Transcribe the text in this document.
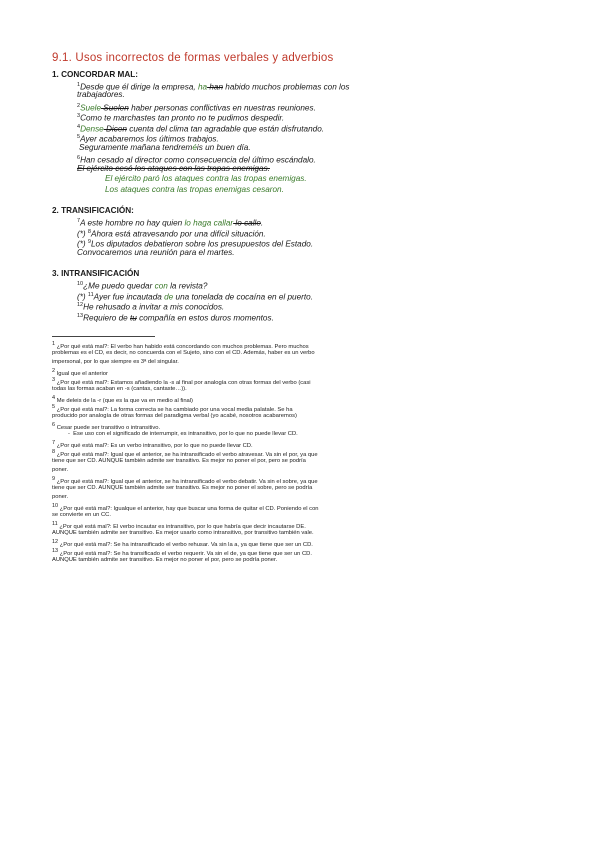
9.1. Usos incorrectos de formas verbales y adverbios
1. CONCORDAR MAL:
$^1$Desde que él dirige la empresa, ha han habido muchos problemas con los
trabajadores.
$^2$Suele Suelen haber personas conflictivas en nuestras reuniones.
$^3$Como te marchastes tan pronto no te pudimos despedir.
$^4$Dense Dicen cuenta del clima tan agradable que están disfrutando.
$^5$Ayer acabaremos los últimos trabajos.
Seguramente mañana tendreméis un buen día.
$^6$Han cesado al director como consecuencia del último escándalo.
El ejército cesó los ataques con las tropas enemigas.
El ejército paró los ataques contra las tropas enemigas.
Los ataques contra las tropas enemigas cesaron.
2. TRANSIFICACIÓN:
$^7$A este hombre no hay quien lo haga callar lo calle.
(*) $^8$Ahora está atravesando por una difícil situación.
(*) $^9$Los diputados debatieron sobre los presupuestos del Estado.
Convocaremos una reunión para el martes.
3. INTRANSIFICACIÓN
$^{10}$¿Me puedo quedar con la revista?
(*) $^{11}$Ayer fue incautada de una tonelada de cocaína en el puerto.
$^{12}$He rehusado a invitar a mis conocidos.
$^{13}$Requiero de tu compañía en estos duros momentos.
1 ¿Por qué está mal?: El verbo han habido está concordando con muchos problemas. Pero muchos
problemas es el CD, es decir, no concuerda con el Sujeto, sino con el CD. Además, haber es un verbo
impersonal, por lo que siempre es 3ª del singular.
2 Igual que el anterior
3 ¿Por qué está mal?: Estamos añadiendo la -s al final por analogía con otras formas del verbo (casi
todas las formas acaban en -s (cantas, cantaste…)).
4 Me deleis de la -r (que es la que va en medio al final)
5 ¿Por qué está mal?: La forma correcta se ha cambiado por una vocal media palatale. Se ha
producido por analogía de otras formas del paradigma verbal (yo acabé, nosotros acabaremos)
6 Cesar puede ser transitivo o intransitivo.
-  Ese uso con el significado de interrumpir, es intransitivo, por lo que no puede llevar CD.
7 ¿Por qué está mal?: Es un verbo intransitivo, por lo que no puede llevar CD.
8 ¿Por qué está mal?: Igual que el anterior, se ha intransificado el verbo atravesar. Va sin el por, ya que
tiene que ser CD. AUNQUE también admite ser transitivo. Es mejor no poner el por, pero se podría
poner.
9 ¿Por qué está mal?: Igual que el anterior, se ha intransificado el verbo debatir. Va sin el sobre, ya que
tiene que ser CD. AUNQUE también admite ser transitivo. Es mejor no poner el sobre, pero se podría
poner.
10 ¿Por qué está mal?: Igualque el anterior, hay que buscar una forma de quitar el CD. Poniendo el con
se convierte en un CC.
11 ¿Por qué está mal?: El verbo incautar es intransitivo, por lo que habría que decir incautarse DE.
AUNQUE también admite ser transitivo. Es mejor usarlo como intransitivo, por transitivo también vale.
12 ¿Por qué está mal?: Se ha intransificado el verbo rehusar. Va sin la a, ya que tiene que ser un CD.
13 ¿Por qué está mal?: Se ha transificado el verbo requerir. Va sin el de, ya que tiene que ser un CD.
AUNQUE también admite ser transitivo. Es mejor no poner el por, pero se podría poner.
